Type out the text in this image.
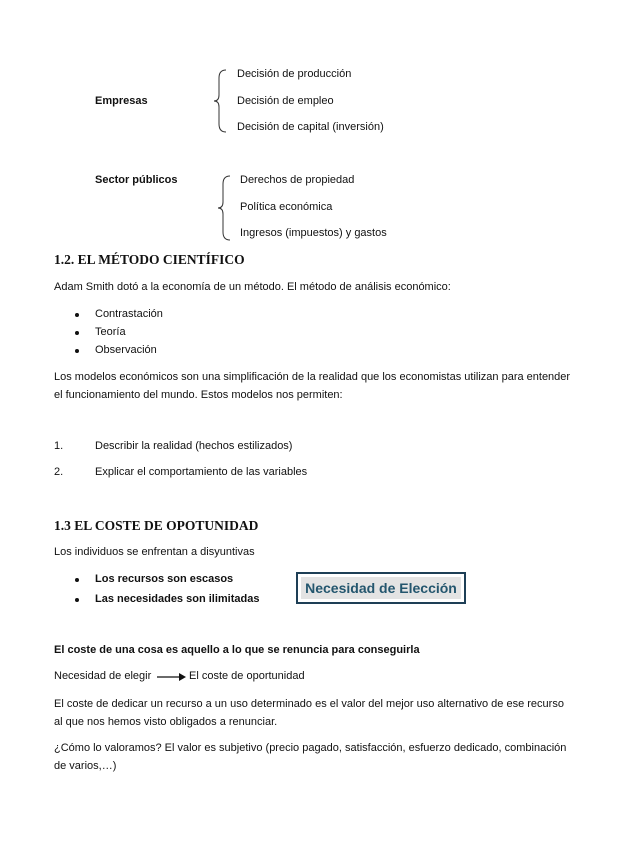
Empresas
Decisión de producción
Decisión de empleo
Decisión de capital (inversión)
Sector públicos	Derechos de propiedad
Política económica
Ingresos (impuestos) y gastos
1.2. EL MÉTODO CIENTÍFICO
Adam Smith dotó a la economía de un método. El método de análisis económico:
Contrastación
Teoría
Observación
Los modelos económicos son una simplificación de la realidad que los economistas utilizan para entender el funcionamiento del mundo. Estos modelos nos permiten:
1.	Describir la realidad (hechos estilizados)
2.	Explicar el comportamiento de las variables
1.3 EL COSTE DE OPOTUNIDAD
Los individuos se enfrentan a disyuntivas
Los recursos son escasos
Las necesidades son ilimitadas
Necesidad de Elección
El coste de una cosa es aquello a lo que se renuncia para conseguirla
Necesidad de elegir	El coste de oportunidad
El coste de dedicar un recurso a un uso determinado es el valor del mejor uso alternativo de ese recurso al que nos hemos visto obligados a renunciar.
¿Cómo lo valoramos? El valor es subjetivo (precio pagado, satisfacción, esfuerzo dedicado, combinación de varios,…)
